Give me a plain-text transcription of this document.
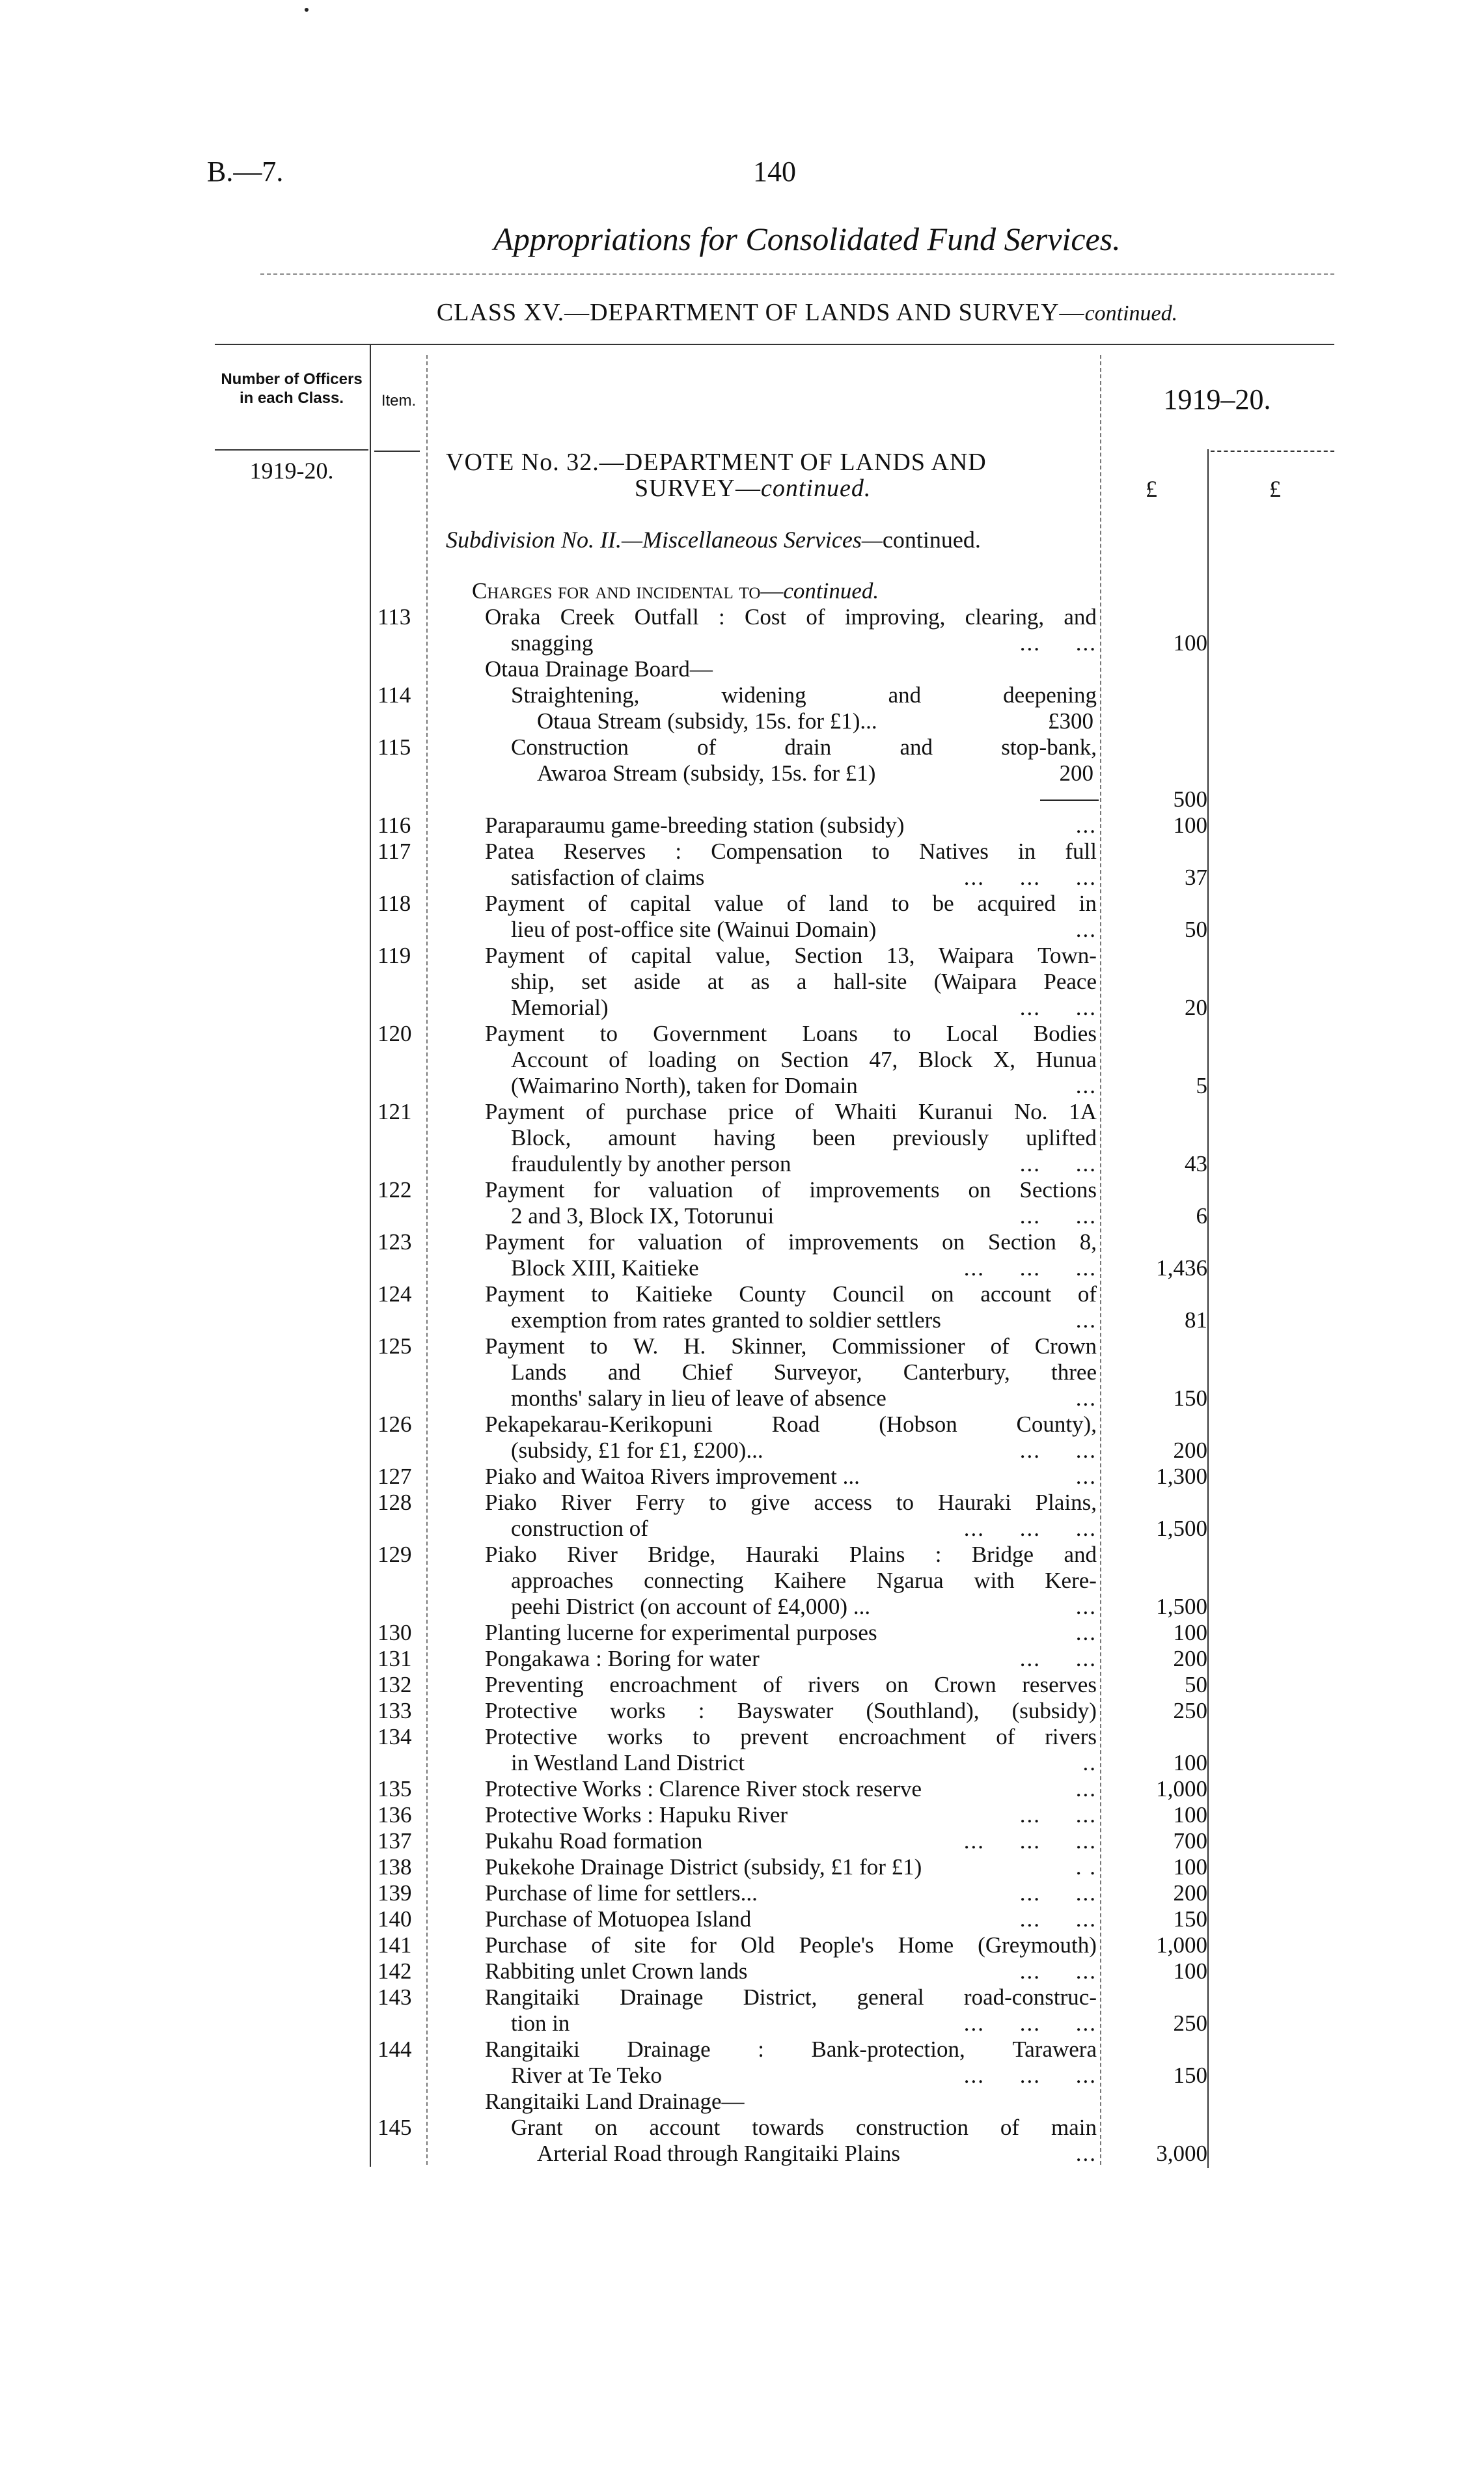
B.—7.	140
Appropriations for Consolidated Fund Services.
CLASS XV.—DEPARTMENT OF LANDS AND SURVEY—continued.
Number of Officers in each Class.	Item.	1919–20.
1919-20.
£	£
VOTE No. 32.—DEPARTMENT OF LANDS AND
SURVEY—continued.
Subdivision No. II.—Miscellaneous Services—continued.
Charges for and incidental to— continued.
113	Oraka Creek Outfall : Cost of improving, clearing, and
snagging	...     ...	100
Otaua Drainage Board—
114	Straightening,	widening	and	deepening
Otaua Stream (subsidy, 15s. for £1)...	£300
115	Construction	of	drain	and	stop-bank,
Awaroa Stream (subsidy, 15s. for £1)	200
500
116	Paraparaumu game-breeding station (subsidy)	...	100
117	Patea Reserves : Compensation to Natives in full
satisfaction of claims	...     ...     ...	37
118	Payment of capital value of land to be acquired in
lieu of post-office site (Wainui Domain)	...	50
119	Payment of capital value, Section 13, Waipara Town-
ship, set aside at as a hall-site (Waipara Peace
Memorial)	...     ...	20
120	Payment to Government Loans to Local Bodies
Account of loading on Section 47, Block X, Hunua
(Waimarino North), taken for Domain	...	5
121	Payment of purchase price of Whaiti Kuranui No. 1A
Block, amount having been previously uplifted
fraudulently by another person	...     ...	43
122	Payment for valuation of improvements on Sections
2 and 3, Block IX, Totorunui	...     ...	6
123	Payment for valuation of improvements on Section 8,
Block XIII, Kaitieke	...     ...     ...	1,436
124	Payment to Kaitieke County Council on account of
exemption from rates granted to soldier settlers	...	81
125	Payment to W. H. Skinner, Commissioner of Crown
Lands and Chief Surveyor, Canterbury, three
months' salary in lieu of leave of absence	...	150
126	Pekapekarau-Kerikopuni	Road	(Hobson	County),
(subsidy, £1 for £1, £200)...	...     ...	200
127	Piako and Waitoa Rivers improvement ...	...	1,300
128	Piako River Ferry to give access to Hauraki Plains,
construction of	...     ...     ...	1,500
129	Piako River Bridge, Hauraki Plains : Bridge and
approaches connecting Kaihere Ngarua with Kere-
peehi District (on account of £4,000) ...	...	1,500
130	Planting lucerne for experimental purposes	...	100
131	Pongakawa : Boring for water	...     ...	200
132	Preventing encroachment of rivers on Crown reserves	50
133	Protective works : Bayswater (Southland), (subsidy)	250
134	Protective works to prevent encroachment of rivers
in Westland Land District	..	100
135	Protective Works : Clarence River stock reserve	...	1,000
136	Protective Works : Hapuku River	...     ...	100
137	Pukahu Road formation	...     ...     ...	700
138	Pukekohe Drainage District (subsidy, £1 for £1)	. .	100
139	Purchase of lime for settlers...	...     ...	200
140	Purchase of Motuopea Island	...     ...	150
141	Purchase of site for Old People's Home (Greymouth)	1,000
142	Rabbiting unlet Crown lands	...     ...	100
143	Rangitaiki Drainage District, general road-construc-
tion in	...     ...     ...	250
144	Rangitaiki Drainage : Bank-protection, Tarawera
River at Te Teko	...     ...     ...	150
Rangitaiki Land Drainage—
145	Grant on account towards construction of main
Arterial Road through Rangitaiki Plains	...	3,000
